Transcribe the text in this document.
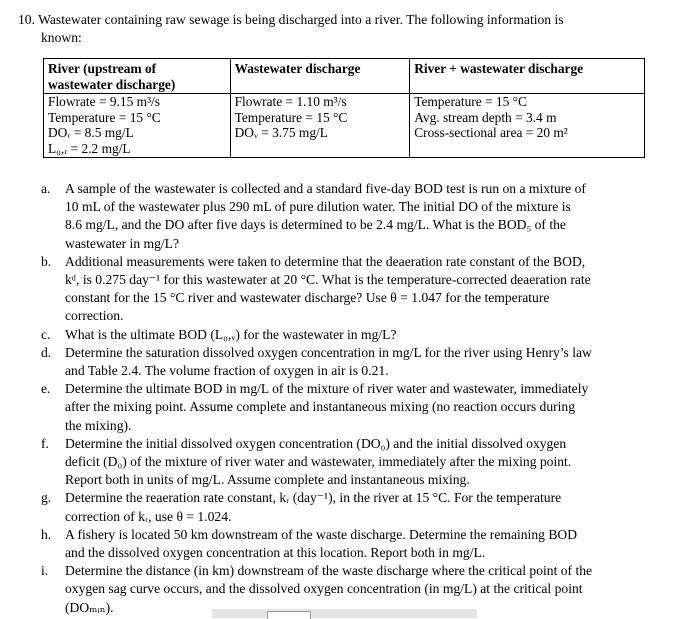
10. Wastewater containing raw sewage is being discharged into a river. The following information is
known:
River (upstream of
wastewater discharge)	Wastewater discharge	River + wastewater discharge

Flowrate = 9.15 m³/s
Temperature = 15 °C
DOᵣ = 8.5 mg/L
L₀,ᵣ = 2.2 mg/L	Flowrate = 1.10 m³/s
Temperature = 15 °C
DOᵥ = 3.75 mg/L	Temperature = 15 °C
Avg. stream depth = 3.4 m
Cross-sectional area = 20 m²
a. A sample of the wastewater is collected and a standard five-day BOD test is run on a mixture of
10 mL of the wastewater plus 290 mL of pure dilution water. The initial DO of the mixture is
8.6 mg/L, and the DO after five days is determined to be 2.4 mg/L. What is the BOD₅ of the
wastewater in mg/L?
b. Additional measurements were taken to determine that the deaeration rate constant of the BOD,
kᵈ, is 0.275 day⁻¹ for this wastewater at 20 °C. What is the temperature-corrected deaeration rate
constant for the 15 °C river and wastewater discharge? Use θ = 1.047 for the temperature
correction.
c. What is the ultimate BOD (L₀,ᵥ) for the wastewater in mg/L?
d. Determine the saturation dissolved oxygen concentration in mg/L for the river using Henry’s law
and Table 2.4. The volume fraction of oxygen in air is 0.21.
e. Determine the ultimate BOD in mg/L of the mixture of river water and wastewater, immediately
after the mixing point. Assume complete and instantaneous mixing (no reaction occurs during
the mixing).
f. Determine the initial dissolved oxygen concentration (DO₀) and the initial dissolved oxygen
deficit (D₀) of the mixture of river water and wastewater, immediately after the mixing point.
Report both in units of mg/L. Assume complete and instantaneous mixing.
g. Determine the reaeration rate constant, kᵣ (day⁻¹), in the river at 15 °C. For the temperature
correction of kᵣ, use θ = 1.024.
h. A fishery is located 50 km downstream of the waste discharge. Determine the remaining BOD
and the dissolved oxygen concentration at this location. Report both in mg/L.
i. Determine the distance (in km) downstream of the waste discharge where the critical point of the
oxygen sag curve occurs, and the dissolved oxygen concentration (in mg/L) at the critical point
(DOₘᵢₙ).
